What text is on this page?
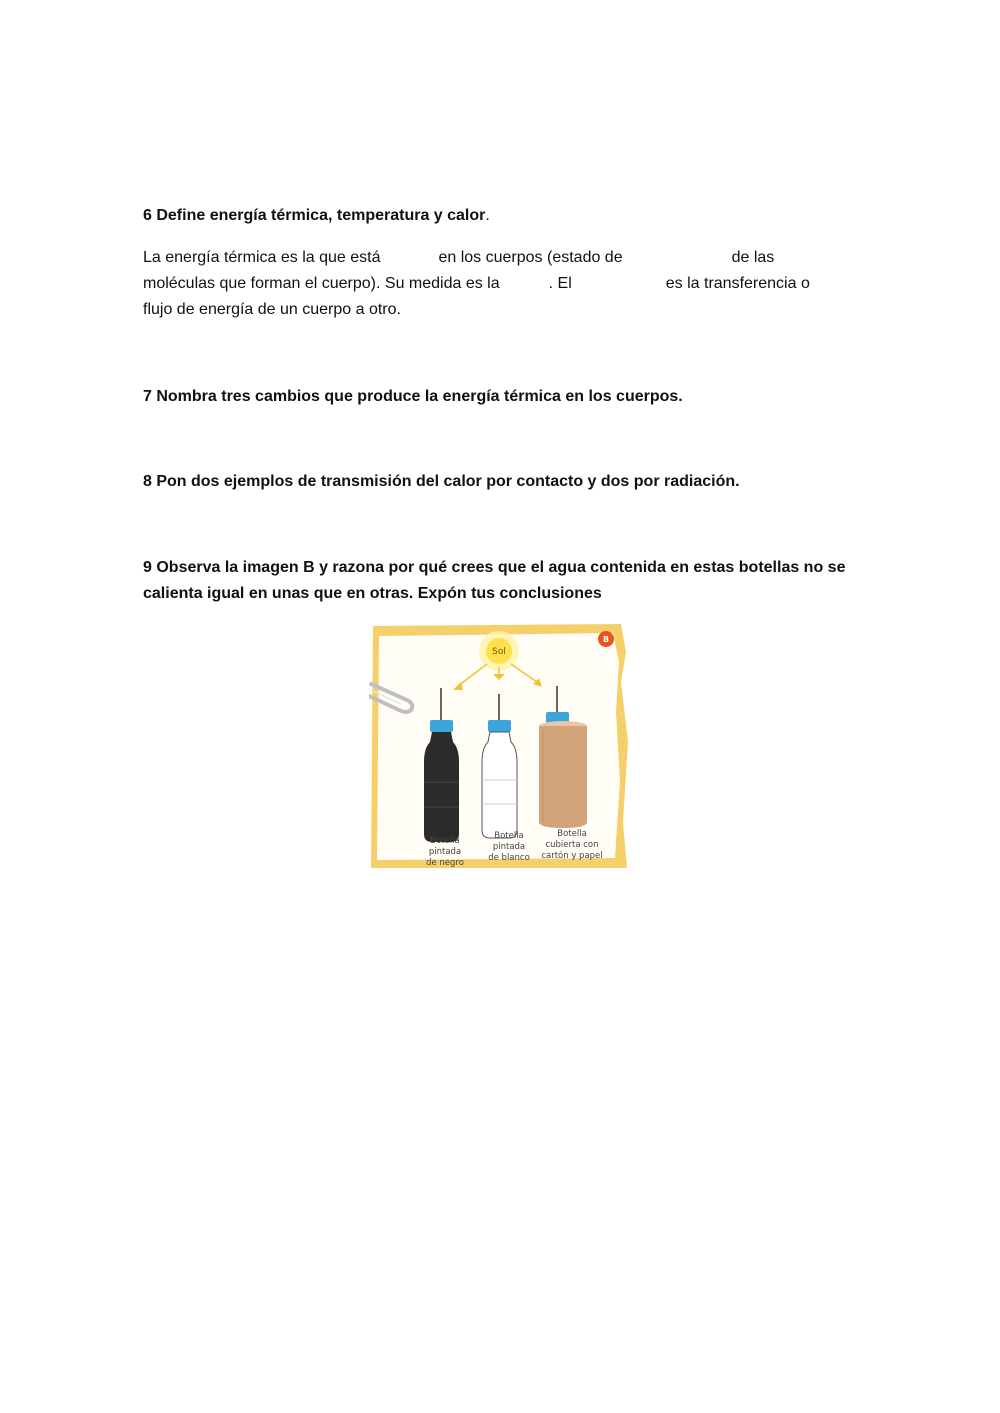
6 Define energía térmica, temperatura y calor.

La energía térmica es la que está	en los cuerpos (estado de	de las
moléculas que forman el cuerpo). Su medida es la	. El	es la transferencia o
flujo de energía de un cuerpo a otro.

7 Nombra tres cambios que produce la energía térmica en los cuerpos.

8 Pon dos ejemplos de transmisión del calor por contacto y dos por radiación.

9 Observa la imagen B y razona por qué crees que el agua contenida en estas botellas no se
calienta igual en unas que en otras. Expón tus conclusiones

B
Sol
Botella
pintada
de negro
Botella
pintada
de blanco
Botella
cubierta con
cartón y papel
